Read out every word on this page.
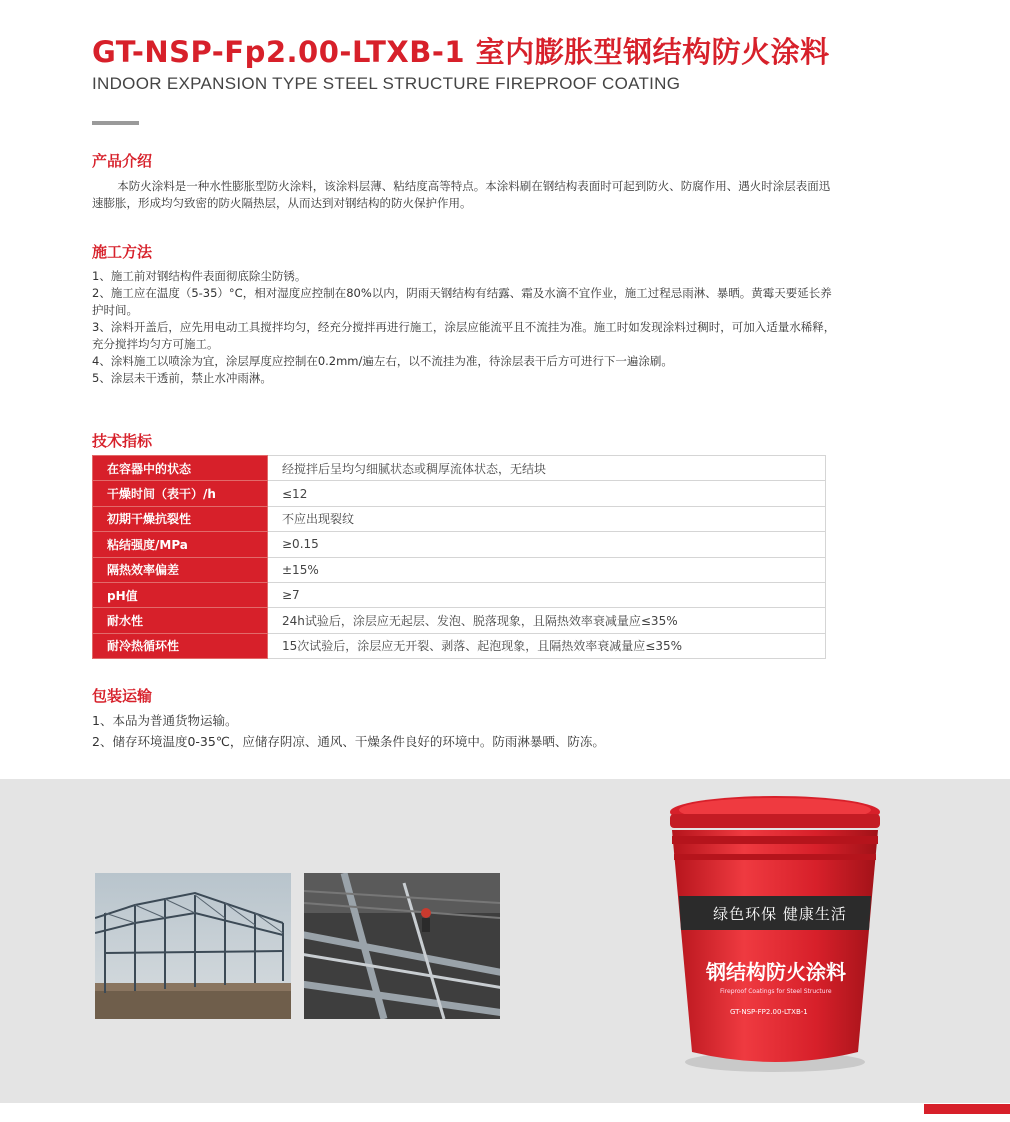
GT-NSP-Fp2.00-LTXB-1 室内膨胀型钢结构防火涂料
INDOOR EXPANSION TYPE STEEL STRUCTURE FIREPROOF COATING
产品介绍

本防火涂料是一种水性膨胀型防火涂料，该涂料层薄、粘结度高等特点。本涂料刷在钢结构表面时可起到防火、防腐作用、遇火时涂层表面迅速膨胀，形成均匀致密的防火隔热层，从而达到对钢结构的防火保护作用。

施工方法

1、施工前对钢结构件表面彻底除尘防锈。

2、施工应在温度（5-35）°C，相对湿度应控制在80%以内，阴雨天钢结构有结露、霜及水滴不宜作业，施工过程忌雨淋、暴晒。黄霉天要延长养护时间。

3、涂料开盖后，应先用电动工具搅拌均匀，经充分搅拌再进行施工，涂层应能流平且不流挂为准。施工时如发现涂料过稠时，可加入适量水稀释，充分搅拌均匀方可施工。

4、涂料施工以喷涂为宜，涂层厚度应控制在0.2mm/遍左右，以不流挂为准，待涂层表干后方可进行下一遍涂刷。

5、涂层未干透前，禁止水冲雨淋。

技术指标
在容器中的状态	经搅拌后呈均匀细腻状态或稠厚流体状态，无结块
干燥时间（表干）/h	≤12
初期干燥抗裂性	不应出现裂纹
粘结强度/MPa	≥0.15
隔热效率偏差	±15%
pH值	≥7
耐水性	24h试验后，涂层应无起层、发泡、脱落现象，且隔热效率衰减量应≤35%
耐冷热循环性	15次试验后，涂层应无开裂、剥落、起泡现象，且隔热效率衰减量应≤35%
包装运输

1、本品为普通货物运输。

2、储存环境温度0-35℃，应储存阴凉、通风、干燥条件良好的环境中。防雨淋暴晒、防冻。

绿色环保 健康生活
钢结构防火涂料
Fireproof Coatings for Steel Structure
GT-NSP-FP2.00-LTXB-1
